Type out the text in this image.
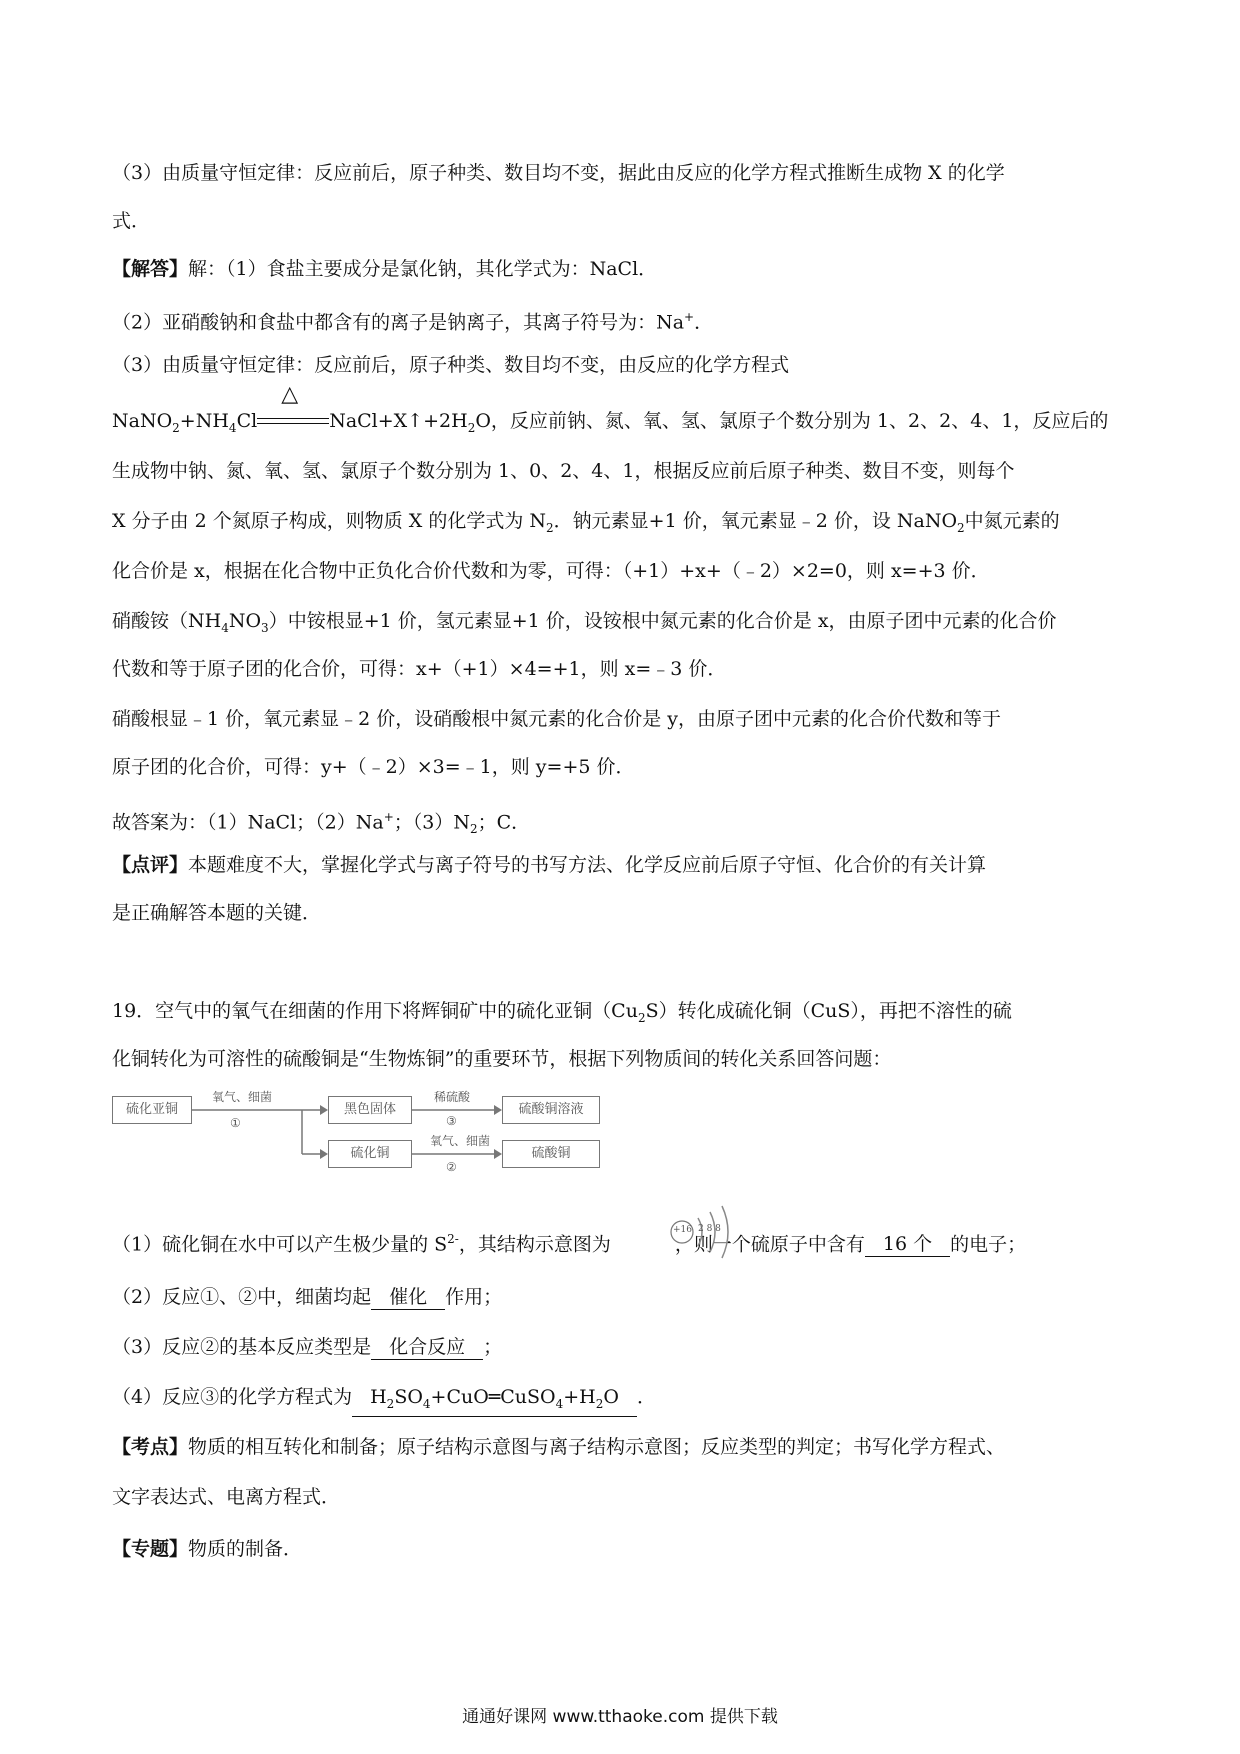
（3）由质量守恒定律：反应前后，原子种类、数目均不变，据此由反应的化学方程式推断生成物 X 的化学
式．
【解答】解：（1）食盐主要成分是氯化钠，其化学式为：NaCl．
（2）亚硝酸钠和食盐中都含有的离子是钠离子，其离子符号为：Na+．
（3）由质量守恒定律：反应前后，原子种类、数目均不变，由反应的化学方程式
$NaNO_2+NH_4Cl$
△
$NaCl+X↑+2H_2O$，反应前钠、氮、氧、氢、氯原子个数分别为 1、2、2、4、1，反应后的
生成物中钠、氮、氧、氢、氯原子个数分别为 1、0、2、4、1，根据反应前后原子种类、数目不变，则每个
X 分子由 2 个氮原子构成，则物质 X 的化学式为 $N_2$．钠元素显+1 价，氧元素显﹣2 价，设 NaNO$_2$中氮元素的
化合价是 x，根据在化合物中正负化合价代数和为零，可得：（+1）+x+（﹣2）×2=0，则 x=+3 价．
硝酸铵$(NH_4NO_3)$中铵根显+1 价，氢元素显+1 价，设铵根中氮元素的化合价是 x，由原子团中元素的化合价
代数和等于原子团的化合价，可得：x+（+1）×4=+1，则 x=﹣3 价．
硝酸根显﹣1 价，氧元素显﹣2 价，设硝酸根中氮元素的化合价是 y，由原子团中元素的化合价代数和等于
原子团的化合价，可得：y+（﹣2）×3=﹣1，则 y=+5 价．
故答案为：（1）NaCl；（2）Na+；$(3)N_2$；C．
【点评】本题难度不大，掌握化学式与离子符号的书写方法、化学反应前后原子守恒、化合价的有关计算
是正确解答本题的关键．
19．空气中的氧气在细菌的作用下将辉铜矿中的硫化亚铜$(Cu_2S)$转化成硫化铜（CuS），再把不溶性的硫
化铜转化为可溶性的硫酸铜是“生物炼铜”的重要环节，根据下列物质间的转化关系回答问题：
硫化亚铜
氧气、细菌
①
黑色固体
稀硫酸
③
硫酸铜溶液
硫化铜
氧气、细菌
②
硫酸铜
（1）硫化铜在水中可以产生极少量的 $S^{2-}$，其结构示意图为	，则一个硫原子中含有 16 个 的电子；
+16 2 8 8
（2）反应①、②中，细菌均起 催化 作用；
（3）反应②的基本反应类型是 化合反应 ；
（4）反应③的化学方程式为 $H_2SO_4+CuO═CuSO_4+H_2O$ ．
【考点】物质的相互转化和制备；原子结构示意图与离子结构示意图；反应类型的判定；书写化学方程式、
文字表达式、电离方程式．
【专题】物质的制备．
通通好课网 www.tthaoke.com 提供下载
